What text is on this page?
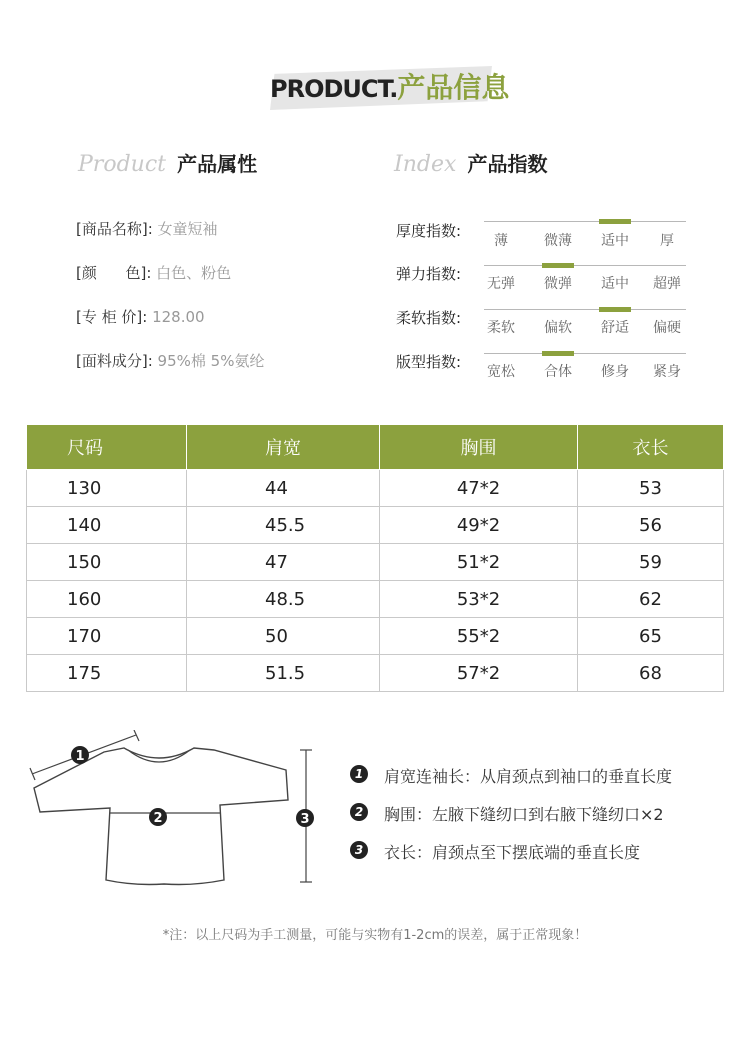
PRODUCT.产品信息
Product 产品属性
[商品名称]: 女童短袖
[颜      色]: 白色、粉色
[专 柜 价]: 128.00
[面料成分]: 95%棉 5%氨纶
Index 产品指数
厚度指数:
薄	微薄	适中	厚
弹力指数:
无弹	微弹	适中	超弹
柔软指数:
柔软	偏软	舒适	偏硬
版型指数:
宽松	合体	修身	紧身
尺码	肩宽	胸围	衣长
130	44	47*2	53
140	45.5	49*2	56
150	47	51*2	59
160	48.5	53*2	62
170	50	55*2	65
175	51.5	57*2	68
1
2	3
1	肩宽连袖长：从肩颈点到袖口的垂直长度
2	胸围：左腋下缝纫口到右腋下缝纫口×2
3	衣长：肩颈点至下摆底端的垂直长度
*注：以上尺码为手工测量，可能与实物有1-2cm的误差，属于正常现象！
